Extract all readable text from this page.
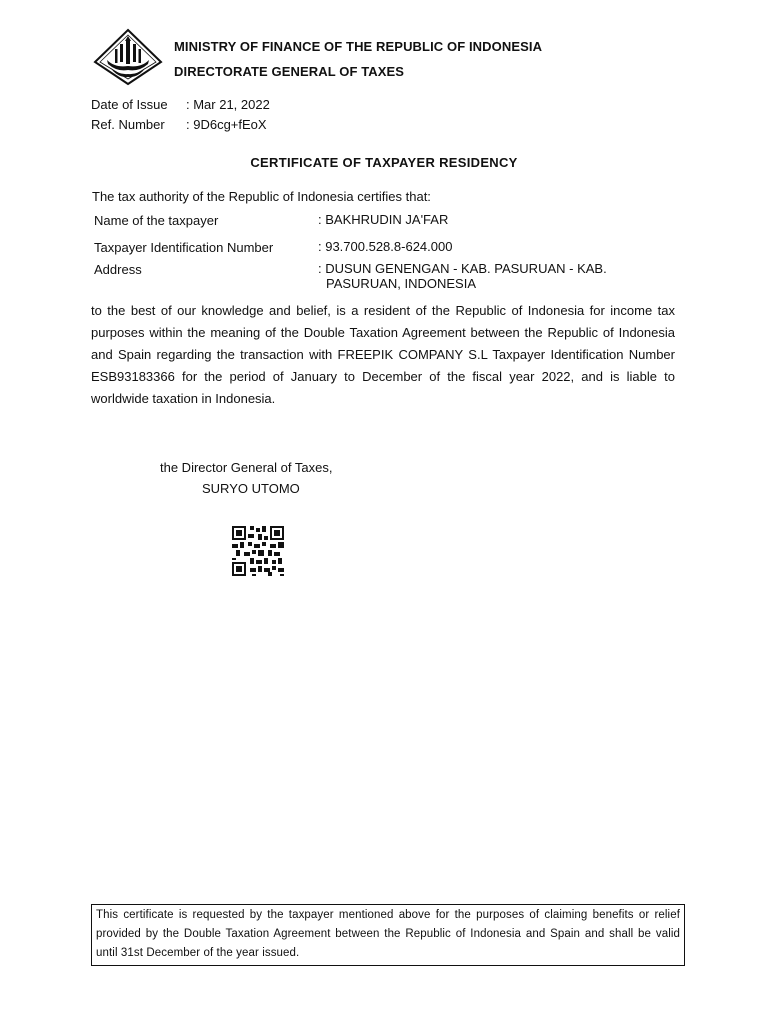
MINISTRY OF FINANCE OF THE REPUBLIC OF INDONESIA
DIRECTORATE GENERAL OF TAXES
Date of Issue : Mar 21, 2022
Ref. Number : 9D6cg+fEoX
CERTIFICATE OF TAXPAYER RESIDENCY
The tax authority of the Republic of Indonesia certifies that:
Name of the taxpayer	: BAKHRUDIN JA'FAR
Taxpayer Identification Number	: 93.700.528.8-624.000
Address	: DUSUN GENENGAN - KAB. PASURUAN - KAB.
PASURUAN, INDONESIA
to the best of our knowledge and belief, is a resident of the Republic of Indonesia for income tax purposes within the meaning of the Double Taxation Agreement between the Republic of Indonesia and Spain regarding the transaction with FREEPIK COMPANY S.L Taxpayer Identification Number ESB93183366 for the period of January to December of the fiscal year 2022, and is liable to worldwide taxation in Indonesia.
the Director General of Taxes,
SURYO UTOMO
This certificate is requested by the taxpayer mentioned above for the purposes of claiming benefits or relief provided by the Double Taxation Agreement between the Republic of Indonesia and Spain and shall be valid until 31st December of the year issued.
